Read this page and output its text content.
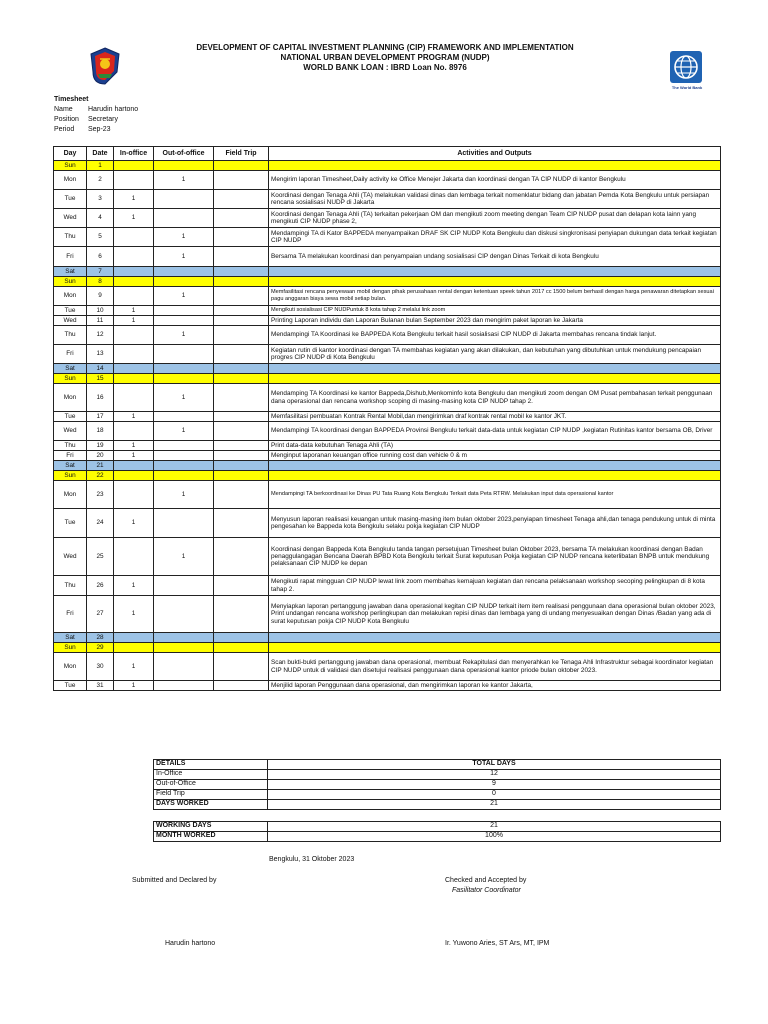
DEVELOPMENT OF CAPITAL INVESTMENT PLANNING (CIP) FRAMEWORK AND IMPLEMENTATION
NATIONAL URBAN DEVELOPMENT PROGRAM (NUDP)
WORLD BANK LOAN : IBRD Loan No. 8976
The World Bank
Timesheet
Name Harudin hartono
Position Secretary
Period Sep-23
Day	Date	In-office	Out-of-office	Field Trip	Activities and Outputs
Sun	1				
Mon	2		1		Mengirim laporan Timesheet,Daily activity ke Office Menejer Jakarta dan koordinasi dengan TA CIP NUDP di kantor Bengkulu
Tue	3	1			Koordinasi dengan Tenaga Ahli (TA) melakukan validasi dinas dan lembaga terkait nomenklatur bidang dan jabatan Pemda Kota Bengkulu untuk persiapan rencana sosialisasi NUDP di Jakarta
Wed	4	1			Koordinasi dengan Tenaga Ahli (TA) terkaitan pekerjaan OM dan mengikuti zoom meeting dengan Team CIP NUDP pusat dan delapan kota lainn yang mengikuti CIP NUDP phase 2,
Thu	5		1		Mendampingi TA di Kator BAPPEDA menyampaikan DRAF SK CIP NUDP Kota Bengkulu dan diskusi singkronisasi penyiapan dukungan data terkait kegiatan CIP NUDP
Fri	6		1		Bersama TA melakukan koordinasi dan penyampaian undang sosialisasi CIP dengan Dinas Terkait di kota Bengkulu
Sat	7				
Sun	8				
Mon	9		1		Memfasilitasi rencana penyewaan mobil dengan pihak perusahaan rental dengan ketentuan speek tahun 2017 cc 1500 belum berhasil dengan harga penawaran ditetapkan sesuai pagu anggaran biaya sewa mobil setiap bulan.
Tue	10	1			Mengikuti sosialisasi CIP NUDPuntuk 8 kota tahap 2 melalui link zoom
Wed	11	1			Printing Laporan individu dan Laporan Bulanan bulan September 2023 dan mengirim paket laporan ke Jakarta
Thu	12		1		Mendampingi TA Koordinasi ke BAPPEDA Kota Bengkulu terkait hasil sosialisasi CIP NUDP di Jakarta membahas rencana tindak lanjut.
Fri	13				Kegiatan rutin di kantor koordinasi dengan TA membahas kegiatan yang akan dilakukan, dan kebutuhan yang dibutuhkan untuk mendukung pencapaian progres CIP NUDP di Kota Bengkulu
Sat	14				
Sun	15				
Mon	16		1		Mendamping TA Koordinasi ke kantor Bappeda,Dishub,Menkominfo kota Bengkulu dan mengikuti zoom dengan OM Pusat pembahasan terkait penggunaan dana operasional dan rencana workshop scoping di masing-masing kota CIP NUDP tahap 2.
Tue	17	1			Memfasilitasi pembuatan Kontrak Rental Mobil,dan mengirimkan draf kontrak rental mobil ke kantor JKT.
Wed	18		1		Mendampingi TA koordinasi dengan BAPPEDA Provinsi Bengkulu terkait data-data untuk kegiatan CIP NUDP ,kegiatan Rutinitas kantor bersama OB, Driver
Thu	19	1			Print data-data kebutuhan Tenaga Ahli (TA)
Fri	20	1			Menginput laporanan keuangan office running cost dan vehicle 0 & m
Sat	21				
Sun	22				
Mon	23		1		Mendampingi TA berkoordinasi ke Dinas PU Tata Ruang Kota Bengkulu Terkait data Peta RTRW. Melakukan input data operasional kantor
Tue	24	1			Menyusun laporan realisasi keuangan untuk masing-masing item bulan oktober 2023,penyiapan timesheet Tenaga ahli,dan tenaga pendukung untuk di minta pengesahan ke Bappeda kota Bengkulu selaku pokja kegiatan CIP NUDP
Wed	25		1		Koordinasi dengan Bappeda Kota Bengkulu tanda tangan persetujuan Timesheet bulan Oktober 2023, bersama TA melakukan koordinasi dengan Badan penaggulangagan Bencana Daerah BPBD Kota Bengkulu terkait Surat keputusan Pokja kegiatan CIP NUDP rencana keterlibatan BNPB untuk mendukung pelaksanaan CIP NUDP ke depan
Thu	26	1			Mengikuti rapat mingguan CIP NUDP lewat link zoom membahas kemajuan kegiatan dan rencana pelaksanaan workshop secoping pelingkupan di 8 kota tahap 2.
Fri	27	1			Menyiapkan laporan pertanggung jawaban dana operasional kegitan CIP NUDP terkait item item realisasi penggunaan dana operasional bulan oktober 2023, Print undangan rencana workshop perlingkupan dan melakukan repisi dinas dan lembaga yang di undang menyesuaikan dengan Dinas /Badan yang ada di surat keputusan pokja CIP NUDP Kota Bengkulu
Sat	28				
Sun	29				
Mon	30	1			Scan bukti-bukti pertanggung jawaban dana operasional, membuat Rekapitulasi dan menyerahkan ke Tenaga Ahli Infrastruktur sebagai koordinator kegiatan CIP NUDP untuk di validasi dan disetujui realisasi penggunaan dana operasional kantor priode bulan oktober 2023.
Tue	31	1			Menjilid laporan Penggunaan dana operasional, dan mengirimkan laporan ke kantor Jakarta,
DETAILS	TOTAL DAYS
In-Office	12
Out-of-Office	9
Field Trip	0
DAYS WORKED	21
WORKING DAYS	21
MONTH WORKED	100%
Bengkulu, 31 Oktober 2023
Submitted and Declared by	Checked and Accepted by
Fasilitator Coordinator
Harudin hartono	Ir. Yuwono Aries, ST Ars, MT, IPM
